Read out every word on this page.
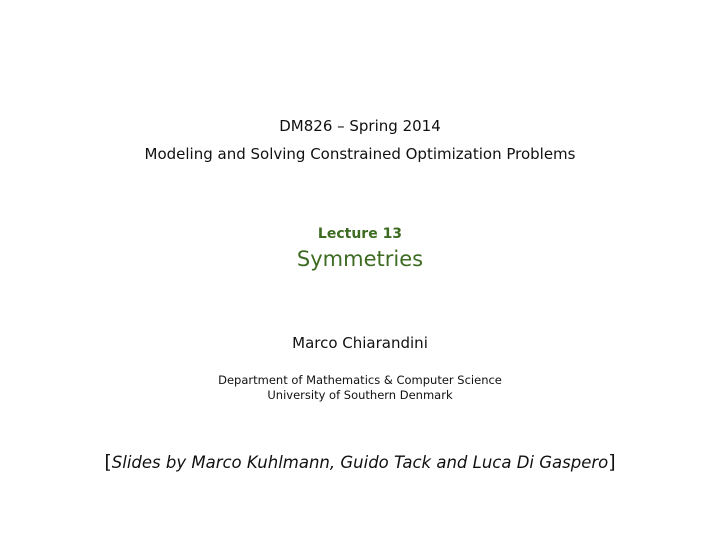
DM826 – Spring 2014
Modeling and Solving Constrained Optimization Problems
Lecture 13
Symmetries
Marco Chiarandini
Department of Mathematics & Computer Science
University of Southern Denmark
[Slides by Marco Kuhlmann, Guido Tack and Luca Di Gaspero]
